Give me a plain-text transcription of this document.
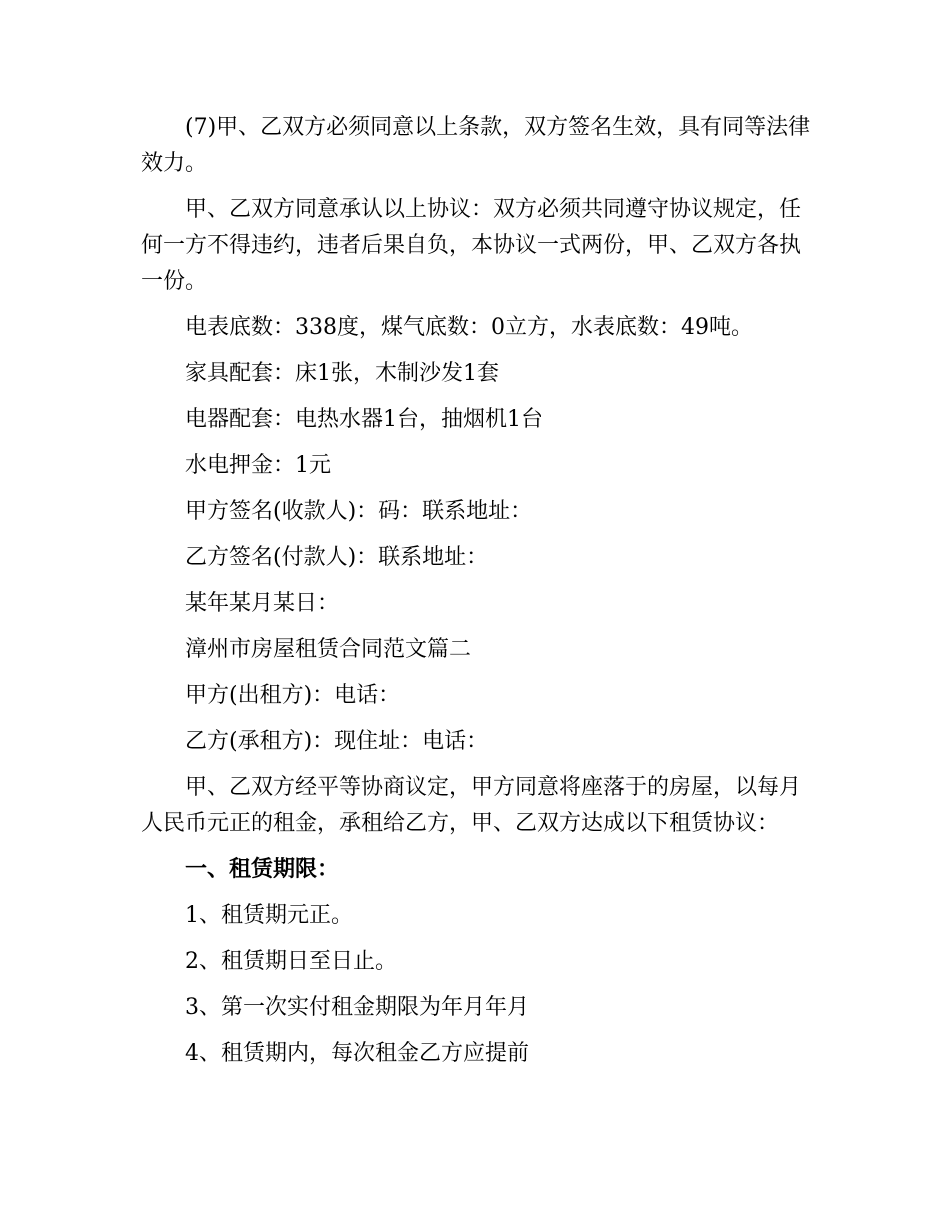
(7)甲、乙双方必须同意以上条款，双方签名生效，具有同等法律效力。

甲、乙双方同意承认以上协议：双方必须共同遵守协议规定，任何一方不得违约，违者后果自负，本协议一式两份，甲、乙双方各执一份。

电表底数：338度，煤气底数：0立方，水表底数：49吨。

家具配套：床1张，木制沙发1套

电器配套：电热水器1台，抽烟机1台

水电押金：1元

甲方签名(收款人)：码：联系地址：

乙方签名(付款人)：联系地址：

某年某月某日：

漳州市房屋租赁合同范文篇二

甲方(出租方)：电话：

乙方(承租方)：现住址：电话：

甲、乙双方经平等协商议定，甲方同意将座落于的房屋，以每月人民币元正的租金，承租给乙方，甲、乙双方达成以下租赁协议：

一、租赁期限：

1、租赁期元正。

2、租赁期日至日止。

3、第一次实付租金期限为年月年月

4、租赁期内，每次租金乙方应提前
